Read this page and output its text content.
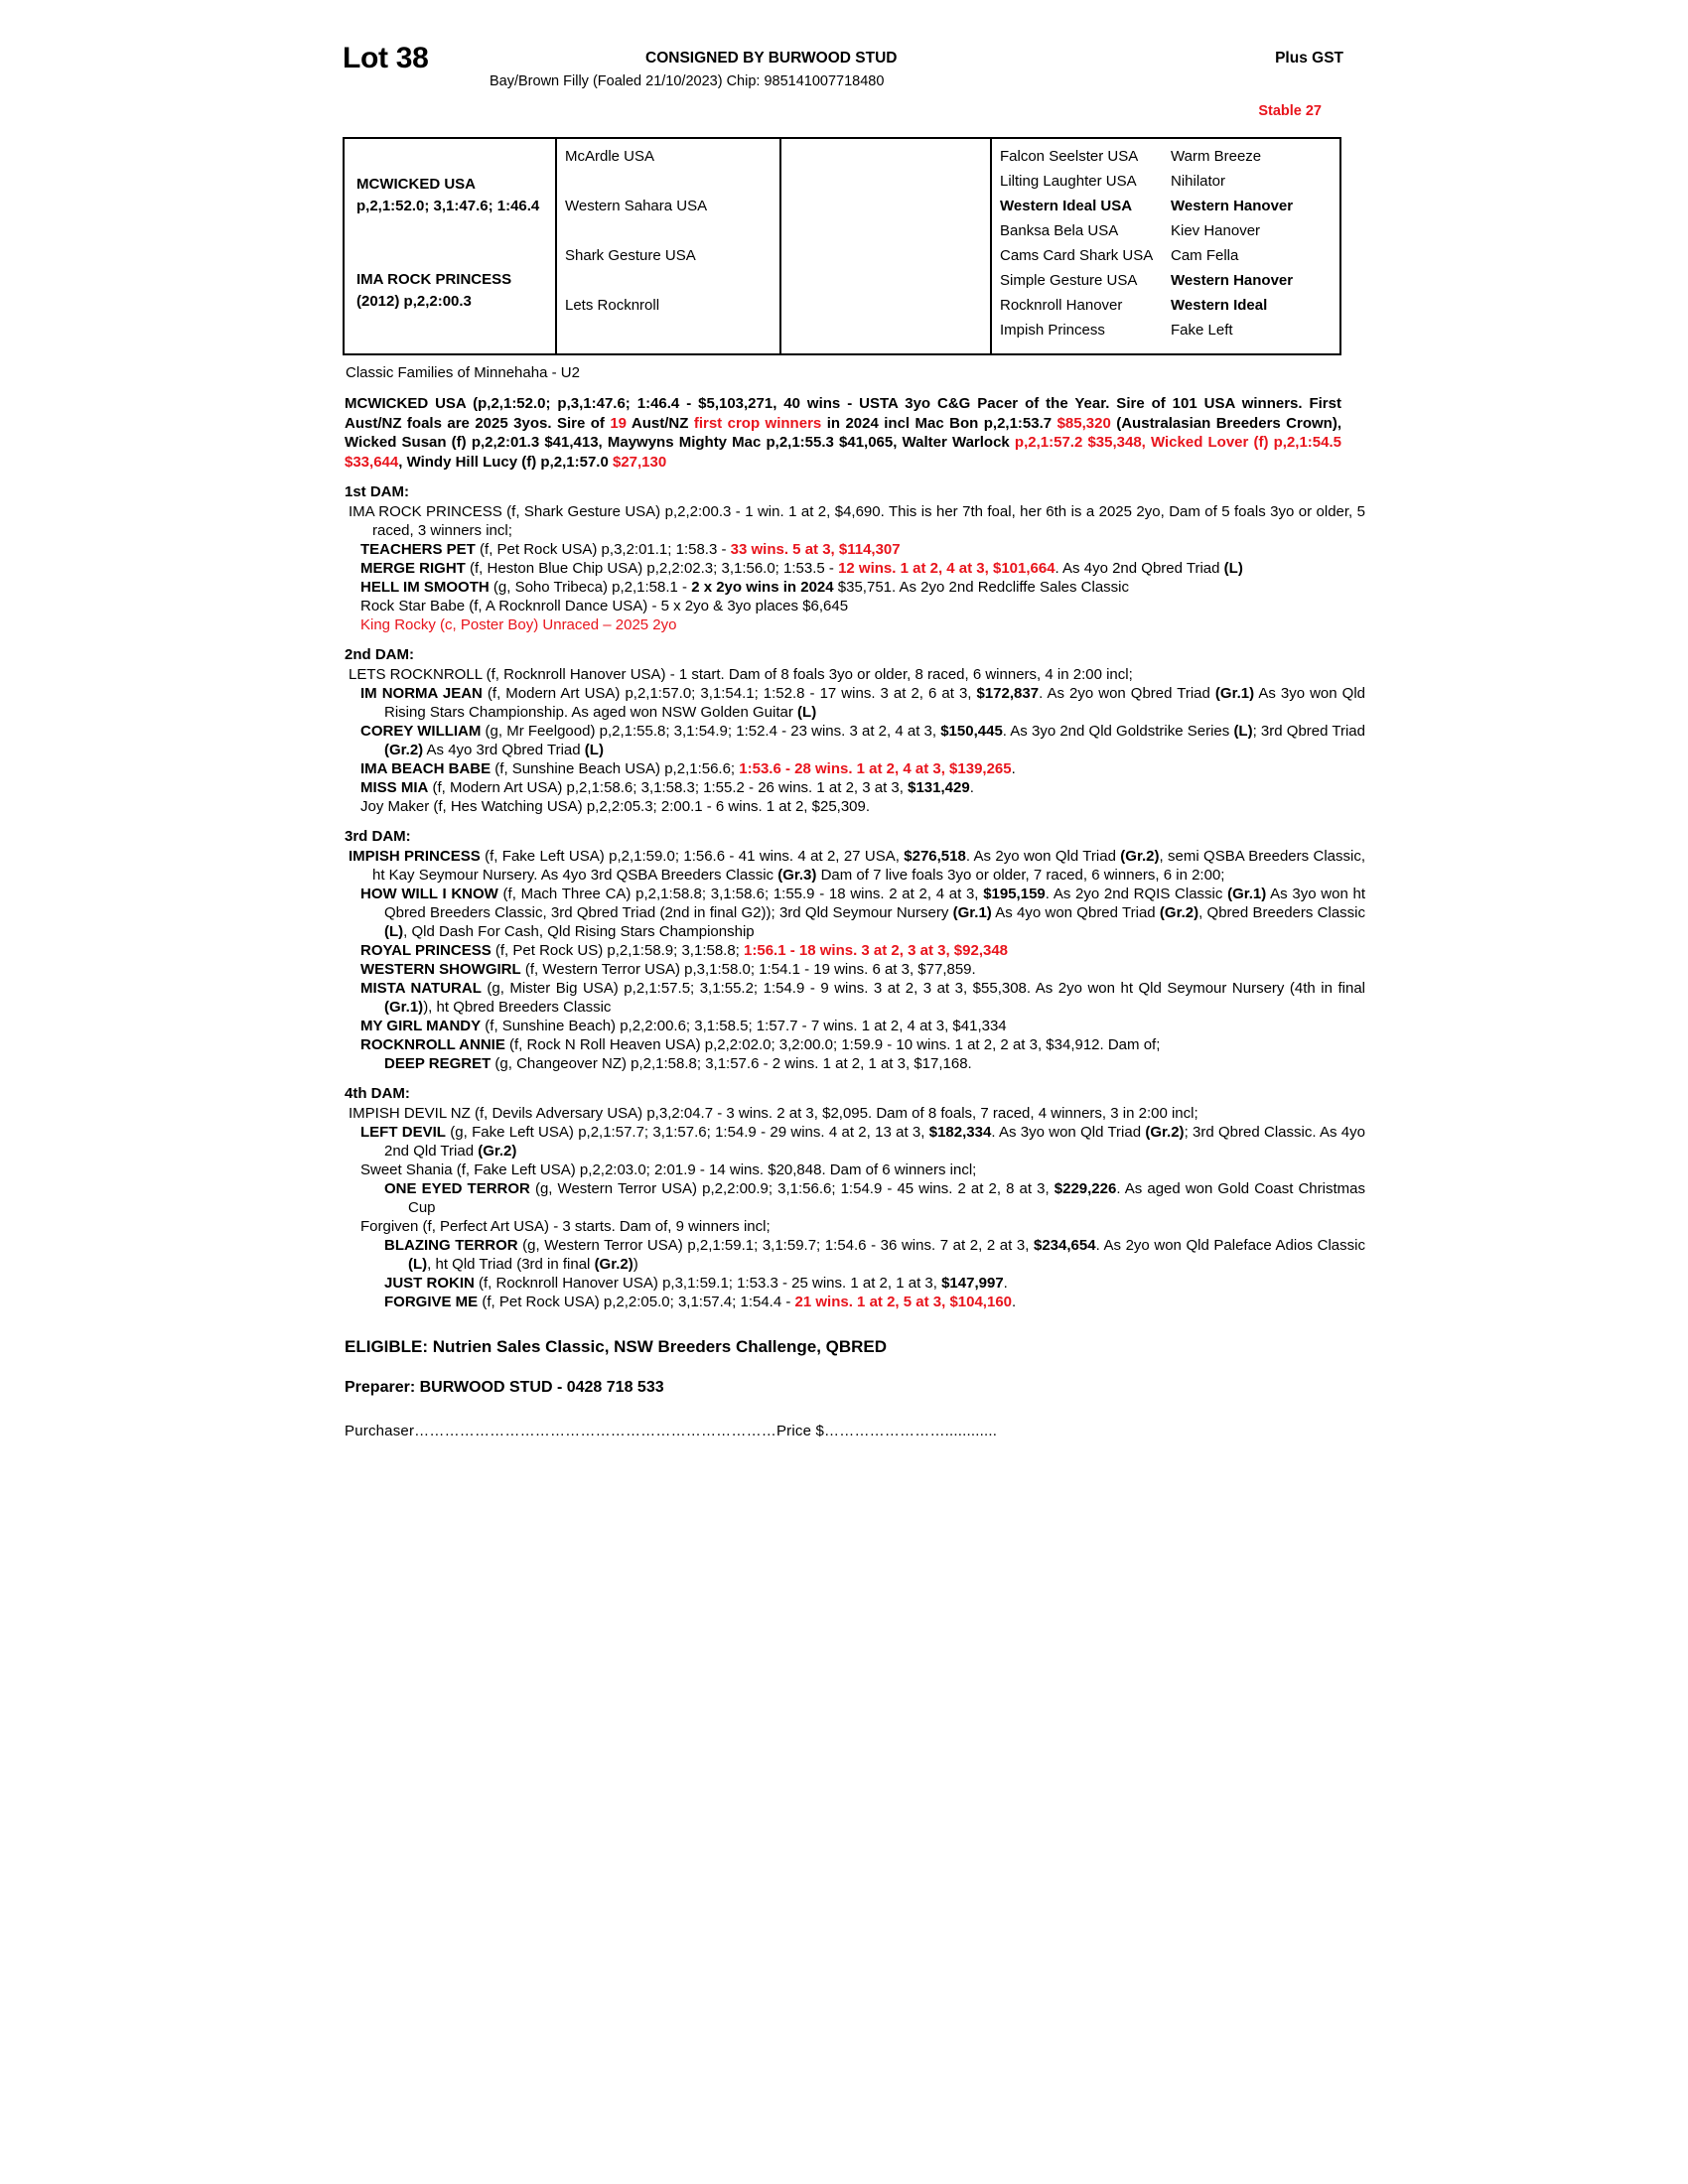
Lot 38	CONSIGNED BY BURWOOD STUD	Plus GST
Bay/Brown Filly (Foaled 21/10/2023) Chip: 985141007718480
Stable 27
MCWICKED USA
p,2,1:52.0; 3,1:47.6; 1:46.4
IMA ROCK PRINCESS
(2012) p,2,2:00.3
McArdle USA
Western Sahara USA
Shark Gesture USA
Lets Rocknroll
Falcon Seelster USA
Lilting Laughter USA
Western Ideal USA
Banksa Bela USA
Cams Card Shark USA
Simple Gesture USA
Rocknroll Hanover
Impish Princess
Warm Breeze
Nihilator
Western Hanover
Kiev Hanover
Cam Fella
Western Hanover
Western Ideal
Fake Left
Classic Families of Minnehaha - U2
MCWICKED USA (p,2,1:52.0; p,3,1:47.6; 1:46.4 - $5,103,271, 40 wins - USTA 3yo C&G Pacer of the Year. Sire of 101 USA winners. First Aust/NZ foals are 2025 3yos. Sire of 19 Aust/NZ first crop winners in 2024 incl Mac Bon p,2,1:53.7 $85,320 (Australasian Breeders Crown), Wicked Susan (f) p,2,2:01.3 $41,413, Maywyns Mighty Mac p,2,1:55.3 $41,065, Walter Warlock p,2,1:57.2 $35,348, Wicked Lover (f) p,2,1:54.5 $33,644, Windy Hill Lucy (f) p,2,1:57.0 $27,130
1st DAM:
IMA ROCK PRINCESS (f, Shark Gesture USA) p,2,2:00.3 - 1 win. 1 at 2, $4,690. This is her 7th foal, her 6th is a 2025 2yo, Dam of 5 foals 3yo or older, 5 raced, 3 winners incl;
TEACHERS PET (f, Pet Rock USA) p,3,2:01.1; 1:58.3 - 33 wins. 5 at 3, $114,307
MERGE RIGHT (f, Heston Blue Chip USA) p,2,2:02.3; 3,1:56.0; 1:53.5 - 12 wins. 1 at 2, 4 at 3, $101,664. As 4yo 2nd Qbred Triad (L)
HELL IM SMOOTH (g, Soho Tribeca) p,2,1:58.1 - 2 x 2yo wins in 2024 $35,751. As 2yo 2nd Redcliffe Sales Classic
Rock Star Babe (f, A Rocknroll Dance USA) - 5 x 2yo & 3yo places $6,645
King Rocky (c, Poster Boy) Unraced – 2025 2yo
2nd DAM:
LETS ROCKNROLL (f, Rocknroll Hanover USA) - 1 start. Dam of 8 foals 3yo or older, 8 raced, 6 winners, 4 in 2:00 incl;
IM NORMA JEAN (f, Modern Art USA) p,2,1:57.0; 3,1:54.1; 1:52.8 - 17 wins. 3 at 2, 6 at 3, $172,837. As 2yo won Qbred Triad (Gr.1) As 3yo won Qld Rising Stars Championship. As aged won NSW Golden Guitar (L)
COREY WILLIAM (g, Mr Feelgood) p,2,1:55.8; 3,1:54.9; 1:52.4 - 23 wins. 3 at 2, 4 at 3, $150,445. As 3yo 2nd Qld Goldstrike Series (L); 3rd Qbred Triad (Gr.2) As 4yo 3rd Qbred Triad (L)
IMA BEACH BABE (f, Sunshine Beach USA) p,2,1:56.6; 1:53.6 - 28 wins. 1 at 2, 4 at 3, $139,265.
MISS MIA (f, Modern Art USA) p,2,1:58.6; 3,1:58.3; 1:55.2 - 26 wins. 1 at 2, 3 at 3, $131,429.
Joy Maker (f, Hes Watching USA) p,2,2:05.3; 2:00.1 - 6 wins. 1 at 2, $25,309.
3rd DAM:
IMPISH PRINCESS (f, Fake Left USA) p,2,1:59.0; 1:56.6 - 41 wins. 4 at 2, 27 USA, $276,518. As 2yo won Qld Triad (Gr.2), semi QSBA Breeders Classic, ht Kay Seymour Nursery. As 4yo 3rd QSBA Breeders Classic (Gr.3) Dam of 7 live foals 3yo or older, 7 raced, 6 winners, 6 in 2:00;
HOW WILL I KNOW (f, Mach Three CA) p,2,1:58.8; 3,1:58.6; 1:55.9 - 18 wins. 2 at 2, 4 at 3, $195,159. As 2yo 2nd RQIS Classic (Gr.1) As 3yo won ht Qbred Breeders Classic, 3rd Qbred Triad (2nd in final G2)); 3rd Qld Seymour Nursery (Gr.1) As 4yo won Qbred Triad (Gr.2), Qbred Breeders Classic (L), Qld Dash For Cash, Qld Rising Stars Championship
ROYAL PRINCESS (f, Pet Rock US) p,2,1:58.9; 3,1:58.8; 1:56.1 - 18 wins. 3 at 2, 3 at 3, $92,348
WESTERN SHOWGIRL (f, Western Terror USA) p,3,1:58.0; 1:54.1 - 19 wins. 6 at 3, $77,859.
MISTA NATURAL (g, Mister Big USA) p,2,1:57.5; 3,1:55.2; 1:54.9 - 9 wins. 3 at 2, 3 at 3, $55,308. As 2yo won ht Qld Seymour Nursery (4th in final (Gr.1)), ht Qbred Breeders Classic
MY GIRL MANDY (f, Sunshine Beach) p,2,2:00.6; 3,1:58.5; 1:57.7 - 7 wins. 1 at 2, 4 at 3, $41,334
ROCKNROLL ANNIE (f, Rock N Roll Heaven USA) p,2,2:02.0; 3,2:00.0; 1:59.9 - 10 wins. 1 at 2, 2 at 3, $34,912. Dam of;
DEEP REGRET (g, Changeover NZ) p,2,1:58.8; 3,1:57.6 - 2 wins. 1 at 2, 1 at 3, $17,168.
4th DAM:
IMPISH DEVIL NZ (f, Devils Adversary USA) p,3,2:04.7 - 3 wins. 2 at 3, $2,095. Dam of 8 foals, 7 raced, 4 winners, 3 in 2:00 incl;
LEFT DEVIL (g, Fake Left USA) p,2,1:57.7; 3,1:57.6; 1:54.9 - 29 wins. 4 at 2, 13 at 3, $182,334. As 3yo won Qld Triad (Gr.2); 3rd Qbred Classic. As 4yo 2nd Qld Triad (Gr.2)
Sweet Shania (f, Fake Left USA) p,2,2:03.0; 2:01.9 - 14 wins. $20,848. Dam of 6 winners incl;
ONE EYED TERROR (g, Western Terror USA) p,2,2:00.9; 3,1:56.6; 1:54.9 - 45 wins. 2 at 2, 8 at 3, $229,226. As aged won Gold Coast Christmas Cup
Forgiven (f, Perfect Art USA) - 3 starts. Dam of, 9 winners incl;
BLAZING TERROR (g, Western Terror USA) p,2,1:59.1; 3,1:59.7; 1:54.6 - 36 wins. 7 at 2, 2 at 3, $234,654. As 2yo won Qld Paleface Adios Classic (L), ht Qld Triad (3rd in final (Gr.2))
JUST ROKIN (f, Rocknroll Hanover USA) p,3,1:59.1; 1:53.3 - 25 wins. 1 at 2, 1 at 3, $147,997.
FORGIVE ME (f, Pet Rock USA) p,2,2:05.0; 3,1:57.4; 1:54.4 - 21 wins. 1 at 2, 5 at 3, $104,160.
ELIGIBLE: Nutrien Sales Classic, NSW Breeders Challenge, QBRED
Preparer: BURWOOD STUD - 0428 718 533
Purchaser………………………………………………………………Price $……………………............
